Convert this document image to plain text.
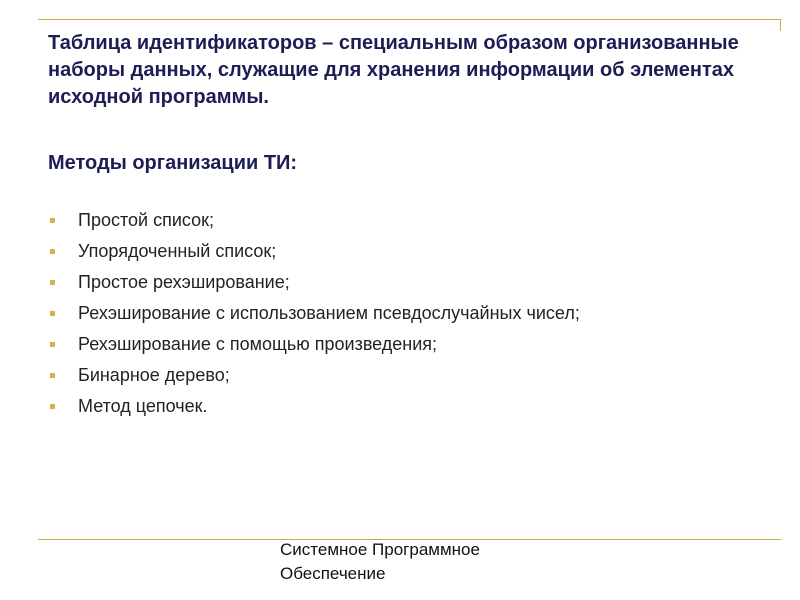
Таблица идентификаторов – специальным образом организованные наборы данных, служащие для хранения информации об элементах исходной программы.

Методы организации ТИ:

Простой список;
Упорядоченный список;
Простое рехэширование;
Рехэширование с использованием псевдослучайных чисел;
Рехэширование с помощью произведения;
Бинарное дерево;
Метод цепочек.
Системное Программное
Обеспечение
